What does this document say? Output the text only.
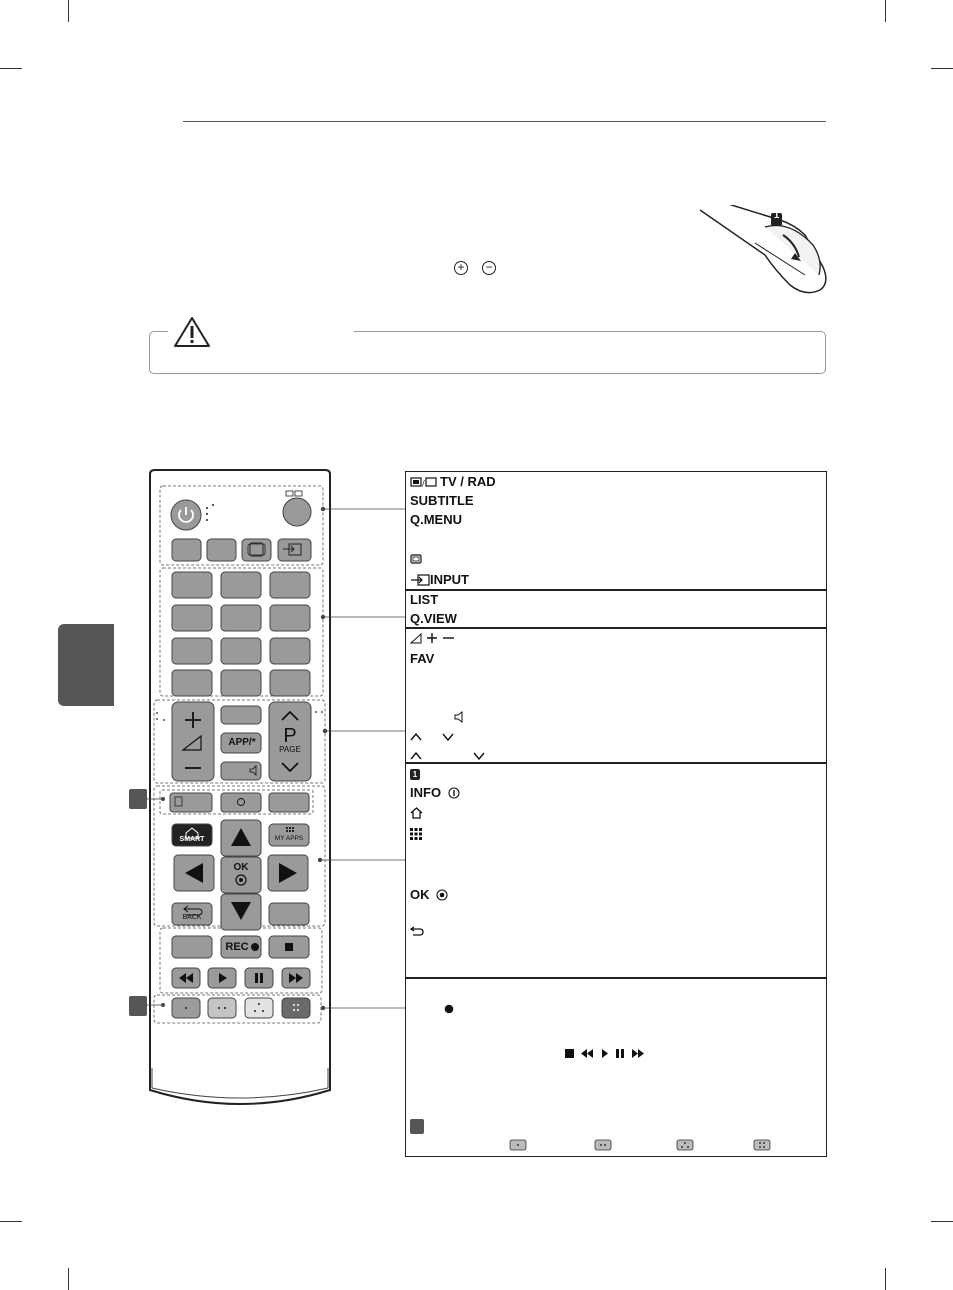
+ −
1
APP/*	P
PAGE
SMART	MY APPS
OK
BACK
REC
/ TV / RAD
SUBTITLE
Q.MENU
INPUT
LIST
Q.VIEW
FAV
1
INFO
OK
